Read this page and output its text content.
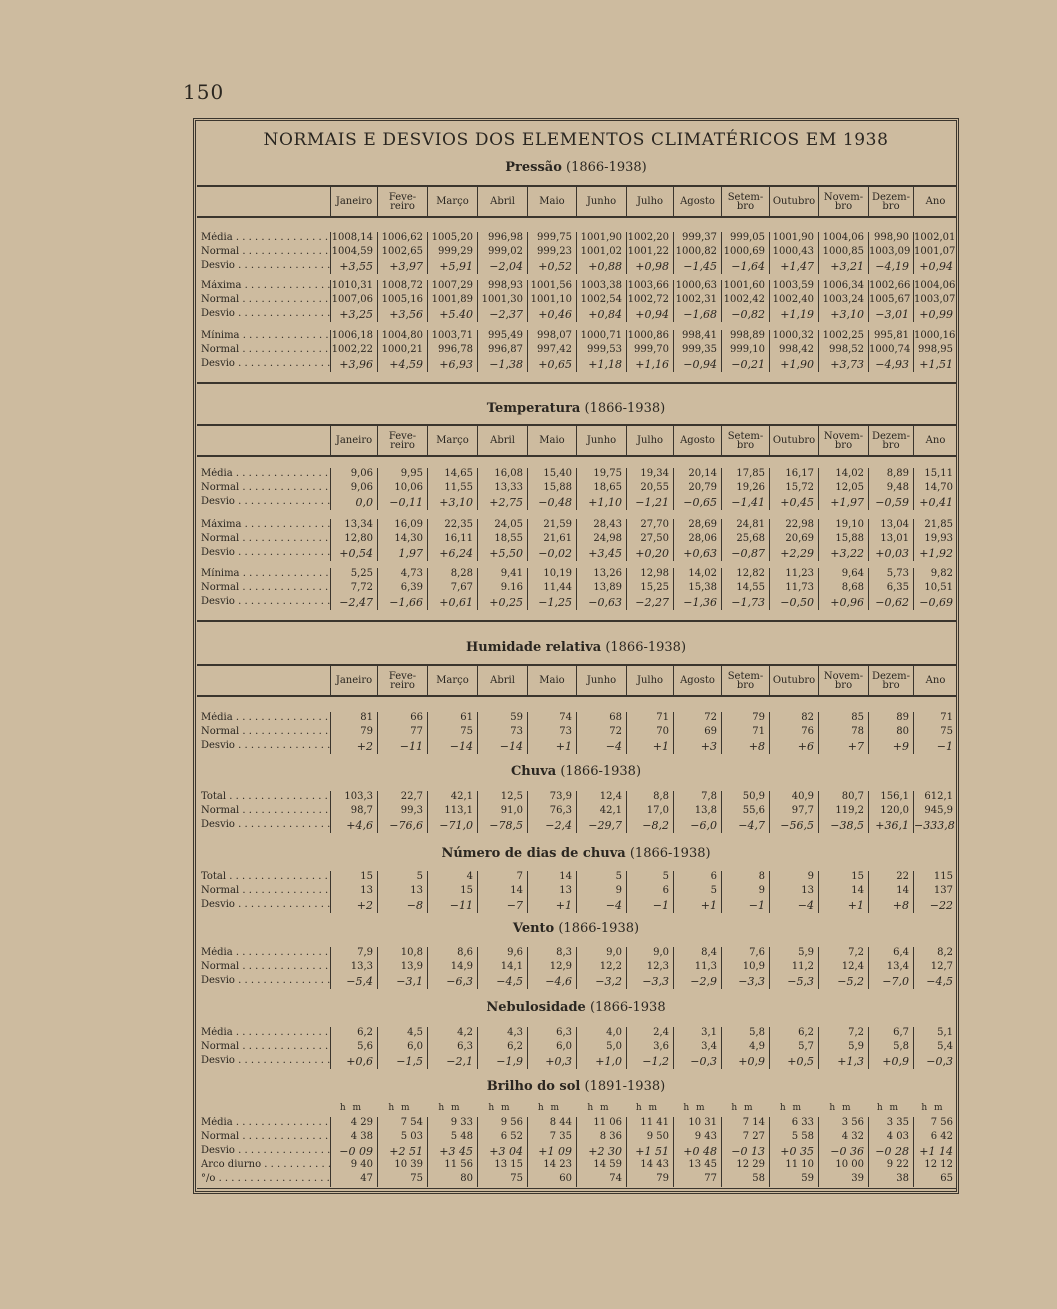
150
NORMAIS E DESVIOS DOS ELEMENTOS CLIMATÉRICOS EM 1938
Pressão (1866-1938)
Janeiro	Feve-
reiro	Março	Abril	Maio	Junho	Julho	Agosto	Setem-
bro	Outubro Novem-
bro
Dezem-
bro	Ano
Média . . .	1008,14 1006,62 1005,20	996,98	999,75 1001,90 1002,20	999,37	999,05 1001,90 1004,06	998,90 1002,01
Normal . . .	1004,59 1002,65	999,29	999,02	999,23 1001,02 1001,22 1000,82 1000,69 1000,43 1000,85 1003,09 1001,07
Desvio . . .	+3,55	+3,97	+5,91	−2,04	+0,52	+0,88	+0,98	−1,45	−1,64	+1,47	+3,21	−4,19 +0,94
Máxima . . .	1010,31 1008,72 1007,29	998,93 1001,56 1003,38 1003,66 1000,63 1001,60 1003,59 1006,34 1002,66 1004,06
Normal . . .	1007,06 1005,16 1001,89 1001,30 1001,10 1002,54 1002,72 1002,31 1002,42 1002,40 1003,24 1005,67 1003,07
Desvio . . .	+3,25	+3,56	+5.40	−2,37	+0,46	+0,84	+0,94	−1,68	−0,82	+1,19	+3,10	−3,01 +0,99
Mínima . . .	1006,18 1004,80 1003,71	995,49	998,07 1000,71 1000,86	998,41	998,89 1000,32 1002,25	995,81 1000,16
Normal . . .	1002,22 1000,21	996,78	996,87	997,42	999,53	999,70	999,35	999,10	998,42	998,52 1000,74 998,95
Desvio . . .	+3,96	+4,59	+6,93	−1,38	+0,65	+1,18	+1,16	−0,94	−0,21	+1,90	+3,73	−4,93 +1,51
Temperatura (1866-1938)
Janeiro	Feve-
reiro	Março	Abril	Maio	Junho	Julho	Agosto	Setem-
bro	Outubro Novem-
bro
Dezem-
bro	Ano
Média . . .	9,06	9,95	14,65	16,08	15,40	19,75	19,34	20,14	17,85	16,17	14,02	8,89	15,11
Normal . . .	9,06	10,06	11,55	13,33	15,88	18,65	20,55	20,79	19,26	15,72	12,05	9,48	14,70
Desvio . . .	0,0	−0,11	+3,10	+2,75	−0,48	+1,10	−1,21	−0,65	−1,41	+0,45	+1,97	−0,59 +0,41
Máxima . . .	13,34	16,09	22,35	24,05	21,59	28,43	27,70	28,69	24,81	22,98	19,10	13,04	21,85
Normal . . .	12,80	14,30	16,11	18,55	21,61	24,98	27,50	28,06	25,68	20,69	15,88	13,01	19,93
Desvio . . .	+0,54	1,97	+6,24	+5,50	−0,02	+3,45	+0,20	+0,63	−0,87	+2,29	+3,22	+0,03 +1,92
Mínima . . .	5,25	4,73	8,28	9,41	10,19	13,26	12,98	14,02	12,82	11,23	9,64	5,73	9,82
Normal . . .	7,72	6,39	7,67	9.16	11,44	13,89	15,25	15,38	14,55	11,73	8,68	6,35	10,51
Desvio . . .	−2,47	−1,66	+0,61	+0,25	−1,25	−0,63	−2,27	−1,36	−1,73	−0,50	+0,96	−0,62 −0,69
Humidade relativa (1866-1938)
Janeiro	Feve-
reiro	Março	Abril	Maio	Junho	Julho	Agosto	Setem-
bro	Outubro Novem-
bro
Dezem-
bro	Ano
Média . . .	81	66	61	59	74	68	71	72	79	82	85	89	71
Normal . . .	79	77	75	73	73	72	70	69	71	76	78	80	75
Desvio . . .	+2	−11	−14	−14	+1	−4	+1	+3	+8	+6	+7	+9	−1
Chuva (1866-1938)
Total . . .	103,3	22,7	42,1	12,5	73,9	12,4	8,8	7,8	50,9	40,9	80,7	156,1	612,1
Normal . . .	98,7	99,3	113,1	91,0	76,3	42,1	17,0	13,8	55,6	97,7	119,2	120,0	945,9
Desvio . . .	+4,6	−76,6	−71,0	−78,5	−2,4	−29,7	−8,2	−6,0	−4,7	−56,5	−38,5	+36,1 −333,8
Número de dias de chuva (1866-1938)
Total . . .	15	5	4	7	14	5	5	6	8	9	15	22	115
Normal . . .	13	13	15	14	13	9	6	5	9	13	14	14	137
Desvio . . .	+2	−8	−11	−7	+1	−4	−1	+1	−1	−4	+1	+8	−22
Vento (1866-1938)
Média . . .	7,9	10,8	8,6	9,6	8,3	9,0	9,0	8,4	7,6	5,9	7,2	6,4	8,2
Normal . . .	13,3	13,9	14,9	14,1	12,9	12,2	12,3	11,3	10,9	11,2	12,4	13,4	12,7
Desvio . . .	−5,4	−3,1	−6,3	−4,5	−4,6	−3,2	−3,3	−2,9	−3,3	−5,3	−5,2	−7,0	−4,5
Nebulosidade (1866-1938
Média . . .	6,2	4,5	4,2	4,3	6,3	4,0	2,4	3,1	5,8	6,2	7,2	6,7	5,1
Normal . . .	5,6	6,0	6,3	6,2	6,0	5,0	3,6	3,4	4,9	5,7	5,9	5,8	5,4
Desvio . . .	+0,6	−1,5	−2,1	−1,9	+0,3	+1,0	−1,2	−0,3	+0,9	+0,5	+1,3	+0,9	−0,3
Brilho do sol (1891-1938)
h m	h m	h m	h m	h m	h m	h m	h m	h m	h m	h m	h m	h m
Média . . .	4 29	7 54	9 33	9 56	8 44	11 06	11 41	10 31	7 14	6 33	3 56	3 35	7 56
Normal . . .	4 38	5 03	5 48	6 52	7 35	8 36	9 50	9 43	7 27	5 58	4 32	4 03	6 42
Desvio . . .	−0 09	+2 51	+3 45	+3 04	+1 09	+2 30	+1 51	+0 48	−0 13	+0 35	−0 36	−0 28 +1 14
Arco diurno . . .	9 40	10 39	11 56	13 15	14 23	14 59	14 43	13 45	12 29	11 10	10 00	9 22	12 12
°/o . . .	47	75	80	75	60	74	79	77	58	59	39	38	65
